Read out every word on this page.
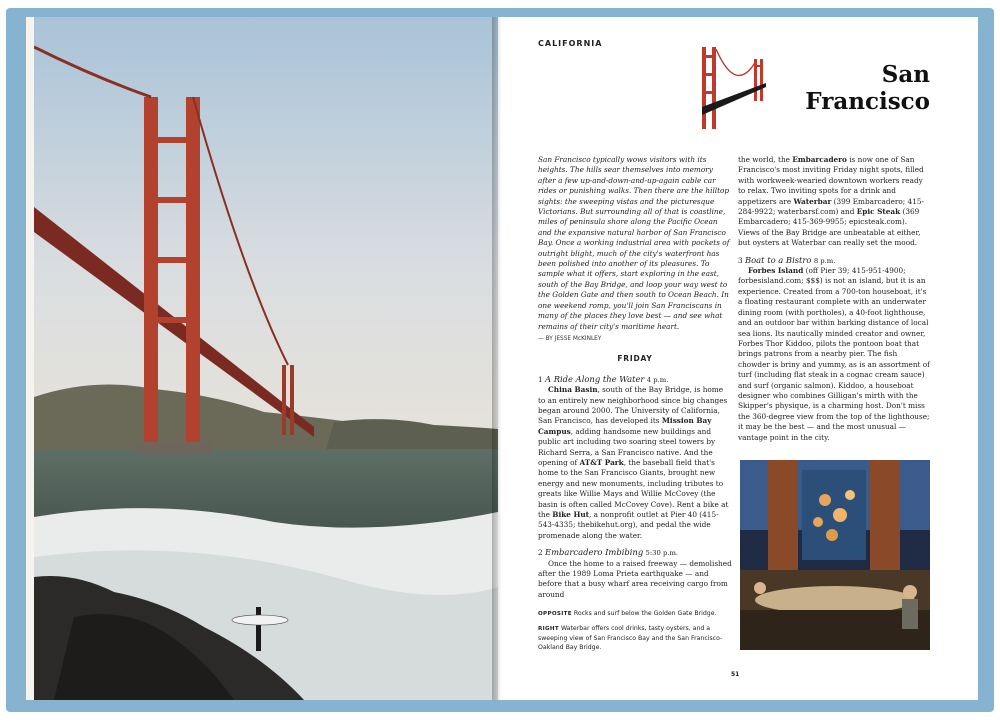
CALIFORNIA
San
Francisco

San Francisco typically wows visitors with its heights. The hills sear themselves into memory after a few up-and-down-and-up-again cable car rides or punishing walks. Then there are the hilltop sights: the sweeping vistas and the picturesque Victorians. But surrounding all of that is coastline, miles of peninsula shore along the Pacific Ocean and the expansive natural harbor of San Francisco Bay. Once a working industrial area with pockets of outright blight, much of the city's waterfront has been polished into another of its pleasures. To sample what it offers, start exploring in the east, south of the Bay Bridge, and loop your way west to the Golden Gate and then south to Ocean Beach. In one weekend romp, you'll join San Franciscans in many of the places they love best — and see what remains of their city's maritime heart.

— BY JESSE McKINLEY

FRIDAY

1 A Ride Along the Water 4 p.m.

China Basin, south of the Bay Bridge, is home to an entirely new neighborhood since big changes began around 2000. The University of California, San Francisco, has developed its Mission Bay Campus, adding handsome new buildings and public art including two soaring steel towers by Richard Serra, a San Francisco native. And the opening of AT&T Park, the baseball field that's home to the San Francisco Giants, brought new energy and new monuments, including tributes to greats like Willie Mays and Willie McCovey (the basin is often called McCovey Cove). Rent a bike at the Bike Hut, a nonprofit outlet at Pier 40 (415-543-4335; thebikehut.org), and pedal the wide promenade along the water.

2 Embarcadero Imbibing 5:30 p.m.

Once the home to a raised freeway — demolished after the 1989 Loma Prieta earthquake — and before that a busy wharf area receiving cargo from around

OPPOSITE Rocks and surf below the Golden Gate Bridge.

RIGHT Waterbar offers cool drinks, tasty oysters, and a sweeping view of San Francisco Bay and the San Francisco-Oakland Bay Bridge.

the world, the Embarcadero is now one of San Francisco's most inviting Friday night spots, filled with workweek-wearied downtown workers ready to relax. Two inviting spots for a drink and appetizers are Waterbar (399 Embarcadero; 415-284-9922; waterbarsf.com) and Epic Steak (369 Embarcadero; 415-369-9955; epicsteak.com). Views of the Bay Bridge are unbeatable at either, but oysters at Waterbar can really set the mood.

3 Boat to a Bistro 8 p.m.

Forbes Island (off Pier 39; 415-951-4900; forbesisland.com; $$$) is not an island, but it is an experience. Created from a 700-ton houseboat, it's a floating restaurant complete with an underwater dining room (with portholes), a 40-foot lighthouse, and an outdoor bar within barking distance of local sea lions. Its nautically minded creator and owner, Forbes Thor Kiddoo, pilots the pontoon boat that brings patrons from a nearby pier. The fish chowder is briny and yummy, as is an assortment of turf (including flat steak in a cognac cream sauce) and surf (organic salmon). Kiddoo, a houseboat designer who combines Gilligan's mirth with the Skipper's physique, is a charming host. Don't miss the 360-degree view from the top of the lighthouse; it may be the best — and the most unusual — vantage point in the city.

51
